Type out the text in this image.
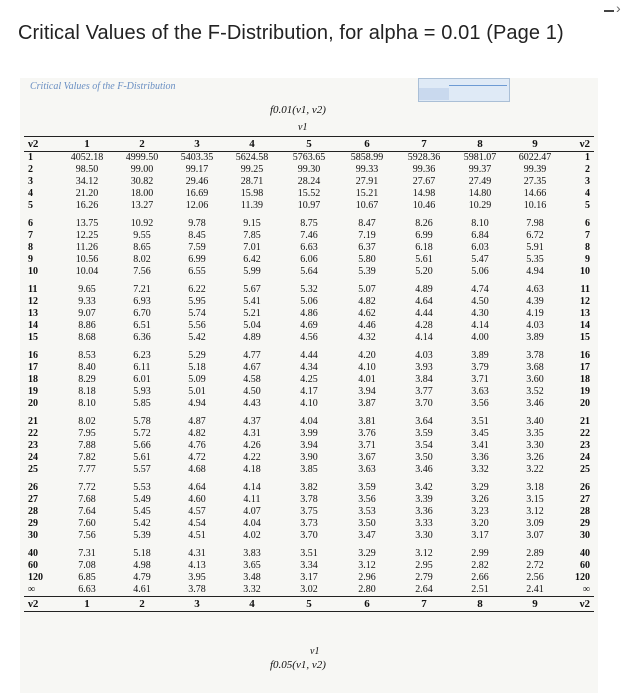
Critical Values of the F-Distribution, for alpha = 0.01 (Page 1)
›
Critical Values of the F-Distribution
f0.01(ν1, ν2)
ν1
ν2	1	2	3	4	5	6	7	8	9	ν2
1	4052.18	4999.50	5403.35	5624.58	5763.65	5858.99	5928.36	5981.07	6022.47	1
2	98.50	99.00	99.17	99.25	99.30	99.33	99.36	99.37	99.39	2
3	34.12	30.82	29.46	28.71	28.24	27.91	27.67	27.49	27.35	3
4	21.20	18.00	16.69	15.98	15.52	15.21	14.98	14.80	14.66	4
5	16.26	13.27	12.06	11.39	10.97	10.67	10.46	10.29	10.16	5
6	13.75	10.92	9.78	9.15	8.75	8.47	8.26	8.10	7.98	6
7	12.25	9.55	8.45	7.85	7.46	7.19	6.99	6.84	6.72	7
8	11.26	8.65	7.59	7.01	6.63	6.37	6.18	6.03	5.91	8
9	10.56	8.02	6.99	6.42	6.06	5.80	5.61	5.47	5.35	9
10	10.04	7.56	6.55	5.99	5.64	5.39	5.20	5.06	4.94	10
11	9.65	7.21	6.22	5.67	5.32	5.07	4.89	4.74	4.63	11
12	9.33	6.93	5.95	5.41	5.06	4.82	4.64	4.50	4.39	12
13	9.07	6.70	5.74	5.21	4.86	4.62	4.44	4.30	4.19	13
14	8.86	6.51	5.56	5.04	4.69	4.46	4.28	4.14	4.03	14
15	8.68	6.36	5.42	4.89	4.56	4.32	4.14	4.00	3.89	15
16	8.53	6.23	5.29	4.77	4.44	4.20	4.03	3.89	3.78	16
17	8.40	6.11	5.18	4.67	4.34	4.10	3.93	3.79	3.68	17
18	8.29	6.01	5.09	4.58	4.25	4.01	3.84	3.71	3.60	18
19	8.18	5.93	5.01	4.50	4.17	3.94	3.77	3.63	3.52	19
20	8.10	5.85	4.94	4.43	4.10	3.87	3.70	3.56	3.46	20
21	8.02	5.78	4.87	4.37	4.04	3.81	3.64	3.51	3.40	21
22	7.95	5.72	4.82	4.31	3.99	3.76	3.59	3.45	3.35	22
23	7.88	5.66	4.76	4.26	3.94	3.71	3.54	3.41	3.30	23
24	7.82	5.61	4.72	4.22	3.90	3.67	3.50	3.36	3.26	24
25	7.77	5.57	4.68	4.18	3.85	3.63	3.46	3.32	3.22	25
26	7.72	5.53	4.64	4.14	3.82	3.59	3.42	3.29	3.18	26
27	7.68	5.49	4.60	4.11	3.78	3.56	3.39	3.26	3.15	27
28	7.64	5.45	4.57	4.07	3.75	3.53	3.36	3.23	3.12	28
29	7.60	5.42	4.54	4.04	3.73	3.50	3.33	3.20	3.09	29
30	7.56	5.39	4.51	4.02	3.70	3.47	3.30	3.17	3.07	30
40	7.31	5.18	4.31	3.83	3.51	3.29	3.12	2.99	2.89	40
60	7.08	4.98	4.13	3.65	3.34	3.12	2.95	2.82	2.72	60
120	6.85	4.79	3.95	3.48	3.17	2.96	2.79	2.66	2.56	120
∞	6.63	4.61	3.78	3.32	3.02	2.80	2.64	2.51	2.41	∞
ν2	1	2	3	4	5	6	7	8	9	ν2
ν1
f0.05(ν1, ν2)
